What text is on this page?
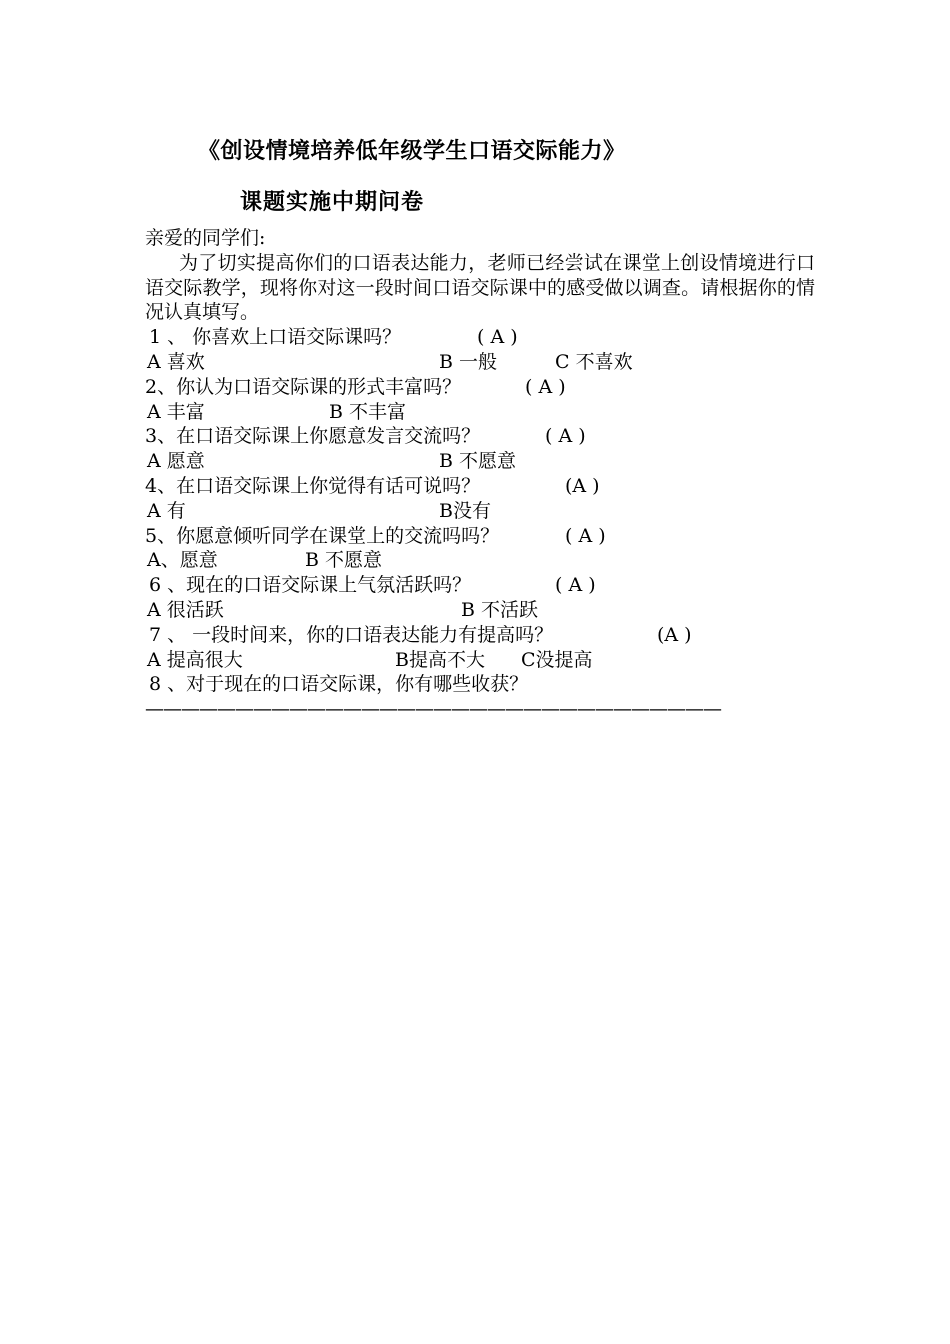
《创设情境培养低年级学生口语交际能力》
课题实施中期问卷
亲爱的同学们:
为了切实提高你们的口语表达能力，老师已经尝试在课堂上创设情境进行口语交际教学，现将你对这一段时间口语交际课中的感受做以调查。请根据你的情况认真填写。
1 、 你喜欢上口语交际课吗？	( A )
A 喜欢	B 一般	C 不喜欢
2、你认为口语交际课的形式丰富吗？	( A )
A 丰富	B 不丰富
3、在口语交际课上你愿意发言交流吗？	( A )
A 愿意	B 不愿意
4、在口语交际课上你觉得有话可说吗？	(A )
A 有	B没有
5、你愿意倾听同学在课堂上的交流吗吗？	( A )
A、愿意	B 不愿意
6 、现在的口语交际课上气氛活跃吗？	( A )
A 很活跃	B 不活跃
7 、 一段时间来，你的口语表达能力有提高吗？	(A )
A 提高很大	B提高不大 C没提高
8 、对于现在的口语交际课，你有哪些收获？
————————————————————————————————
